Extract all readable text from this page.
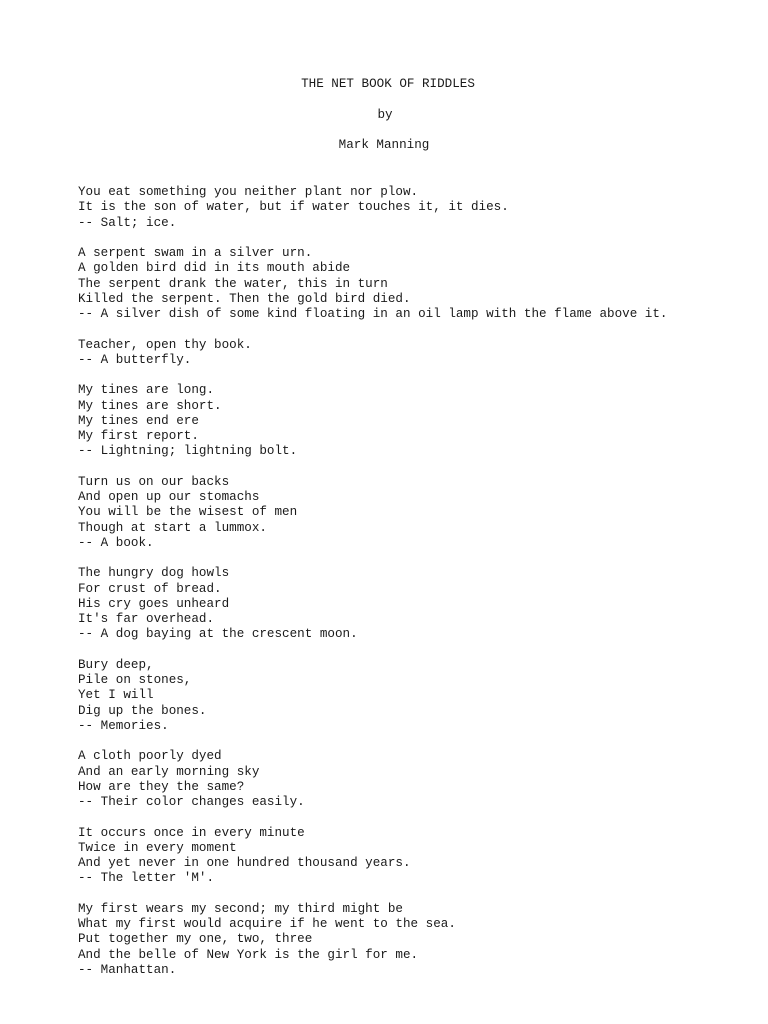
THE NET BOOK OF RIDDLES
by
Mark Manning
You eat something you neither plant nor plow.
It is the son of water, but if water touches it, it dies.
-- Salt; ice.
A serpent swam in a silver urn.
A golden bird did in its mouth abide
The serpent drank the water, this in turn
Killed the serpent. Then the gold bird died.
-- A silver dish of some kind floating in an oil lamp with the flame above it.
Teacher, open thy book.
-- A butterfly.
My tines are long.
My tines are short.
My tines end ere
My first report.
-- Lightning; lightning bolt.
Turn us on our backs
And open up our stomachs
You will be the wisest of men
Though at start a lummox.
-- A book.
The hungry dog howls
For crust of bread.
His cry goes unheard
It's far overhead.
-- A dog baying at the crescent moon.
Bury deep,
Pile on stones,
Yet I will
Dig up the bones.
-- Memories.
A cloth poorly dyed
And an early morning sky
How are they the same?
-- Their color changes easily.
It occurs once in every minute
Twice in every moment
And yet never in one hundred thousand years.
-- The letter 'M'.
My first wears my second; my third might be
What my first would acquire if he went to the sea.
Put together my one, two, three
And the belle of New York is the girl for me.
-- Manhattan.
